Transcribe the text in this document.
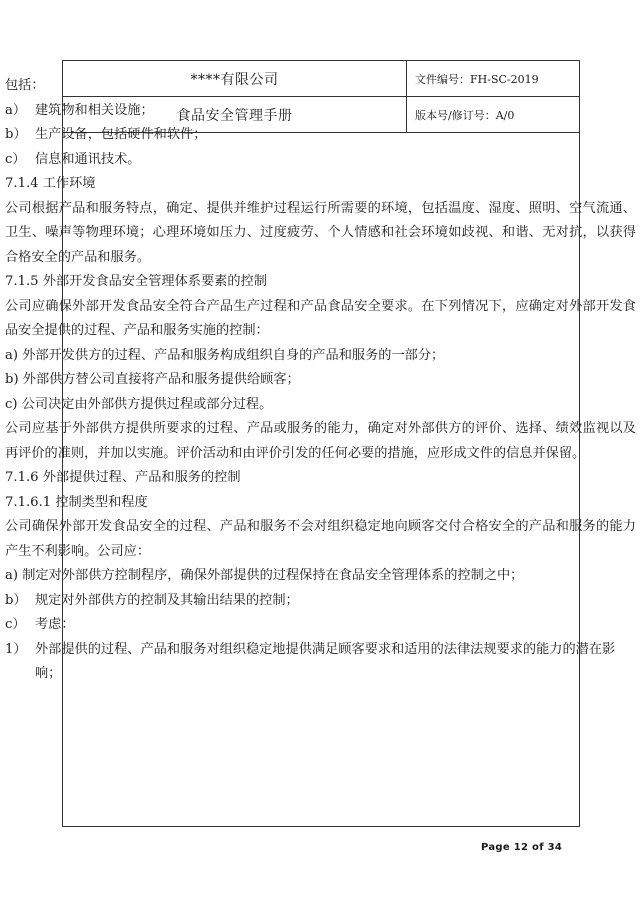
****有限公司	文件编号：FH-SC-2019
食品安全管理手册	版本号/修订号：A/0

包括：

a） 建筑物和相关设施；
b） 生产设备，包括硬件和软件；
c） 信息和通讯技术。

7.1.4 工作环境

公司根据产品和服务特点，确定、提供并维护过程运行所需要的环境，包括温度、湿度、照明、空气流通、卫生、噪声等物理环境；心理环境如压力、过度疲劳、个人情感和社会环境如歧视、和谐、无对抗，以获得合格安全的产品和服务。

7.1.5 外部开发食品安全管理体系要素的控制

公司应确保外部开发食品安全符合产品生产过程和产品食品安全要求。在下列情况下，应确定对外部开发食品安全提供的过程、产品和服务实施的控制：

a) 外部开发供方的过程、产品和服务构成组织自身的产品和服务的一部分；

b) 外部供方替公司直接将产品和服务提供给顾客；

c) 公司决定由外部供方提供过程或部分过程。

公司应基于外部供方提供所要求的过程、产品或服务的能力，确定对外部供方的评价、选择、绩效监视以及再评价的准则，并加以实施。评价活动和由评价引发的任何必要的措施，应形成文件的信息并保留。

7.1.6 外部提供过程、产品和服务的控制

7.1.6.1 控制类型和程度

公司确保外部开发食品安全的过程、产品和服务不会对组织稳定地向顾客交付合格安全的产品和服务的能力产生不利影响。公司应：

a) 制定对外部供方控制程序，确保外部提供的过程保持在食品安全管理体系的控制之中；

b） 规定对外部供方的控制及其输出结果的控制；
c） 考虑：
1） 外部提供的过程、产品和服务对组织稳定地提供满足顾客要求和适用的法律法规要求的能力的潜在影响；
Page 12 of 34
